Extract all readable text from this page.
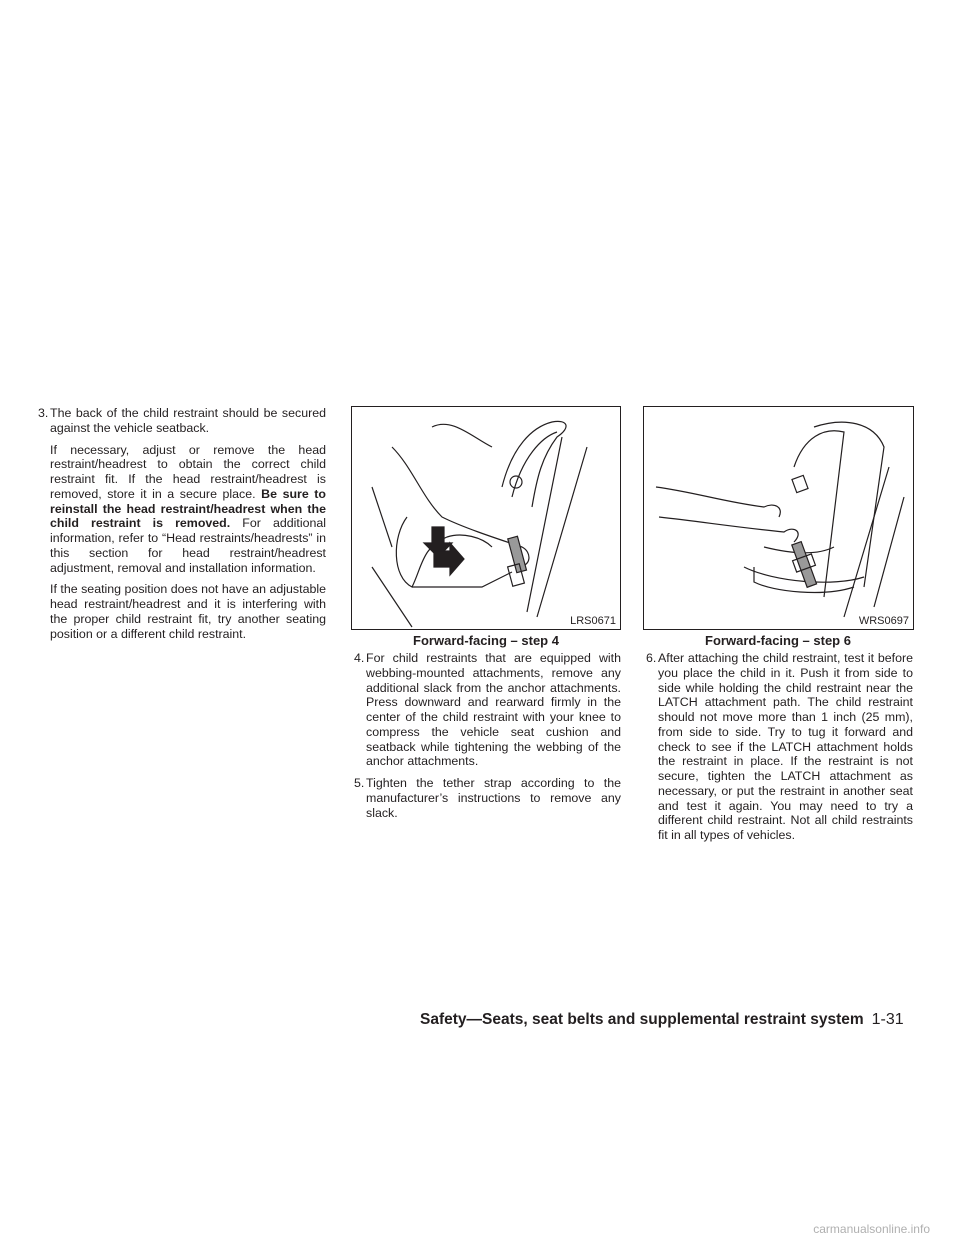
3. The back of the child restraint should be secured against the vehicle seatback.

If necessary, adjust or remove the head restraint/headrest to obtain the correct child restraint fit. If the head restraint/headrest is removed, store it in a secure place. Be sure to reinstall the head restraint/headrest when the child restraint is removed. For additional information, refer to “Head restraints/headrests” in this section for head restraint/headrest adjustment, removal and installation information.

If the seating position does not have an adjustable head restraint/headrest and it is interfering with the proper child restraint fit, try another seating position or a different child restraint.

LRS0671
Forward-facing – step 4
WRS0697
Forward-facing – step 6
4. For child restraints that are equipped with webbing-mounted attachments, remove any additional slack from the anchor attachments. Press downward and rearward firmly in the center of the child restraint with your knee to compress the vehicle seat cushion and seatback while tightening the webbing of the anchor attachments.

5. Tighten the tether strap according to the manufacturer’s instructions to remove any slack.

6. After attaching the child restraint, test it before you place the child in it. Push it from side to side while holding the child restraint near the LATCH attachment path. The child restraint should not move more than 1 inch (25 mm), from side to side. Try to tug it forward and check to see if the LATCH attachment holds the restraint in place. If the restraint is not secure, tighten the LATCH attachment as necessary, or put the restraint in another seat and test it again. You may need to try a different child restraint. Not all child restraints fit in all types of vehicles.

Safety—Seats, seat belts and supplemental restraint system 1-31
carmanualsonline.info
